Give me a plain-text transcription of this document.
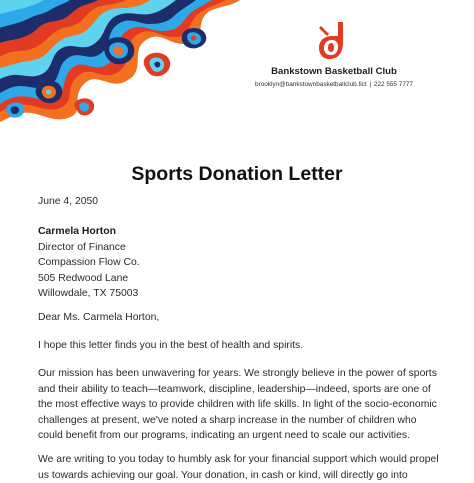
Bankstown Basketball Club
brooklyn@bankstownbasketballclub.fict | 222 555 7777
Sports Donation Letter
June 4, 2050
Carmela Horton
Director of Finance
Compassion Flow Co.
505 Redwood Lane
Willowdale, TX 75003
Dear Ms. Carmela Horton,
I hope this letter finds you in the best of health and spirits.
Our mission has been unwavering for years. We strongly believe in the power of sports
and their ability to teach—teamwork, discipline, leadership—indeed, sports are one of
the most effective ways to provide children with life skills. In light of the socio-economic
challenges at present, we've noted a sharp increase in the number of children who
could benefit from our programs, indicating an urgent need to scale our activities.
We are writing to you today to humbly ask for your financial support which would propel
us towards achieving our goal. Your donation, in cash or kind, will directly go into
